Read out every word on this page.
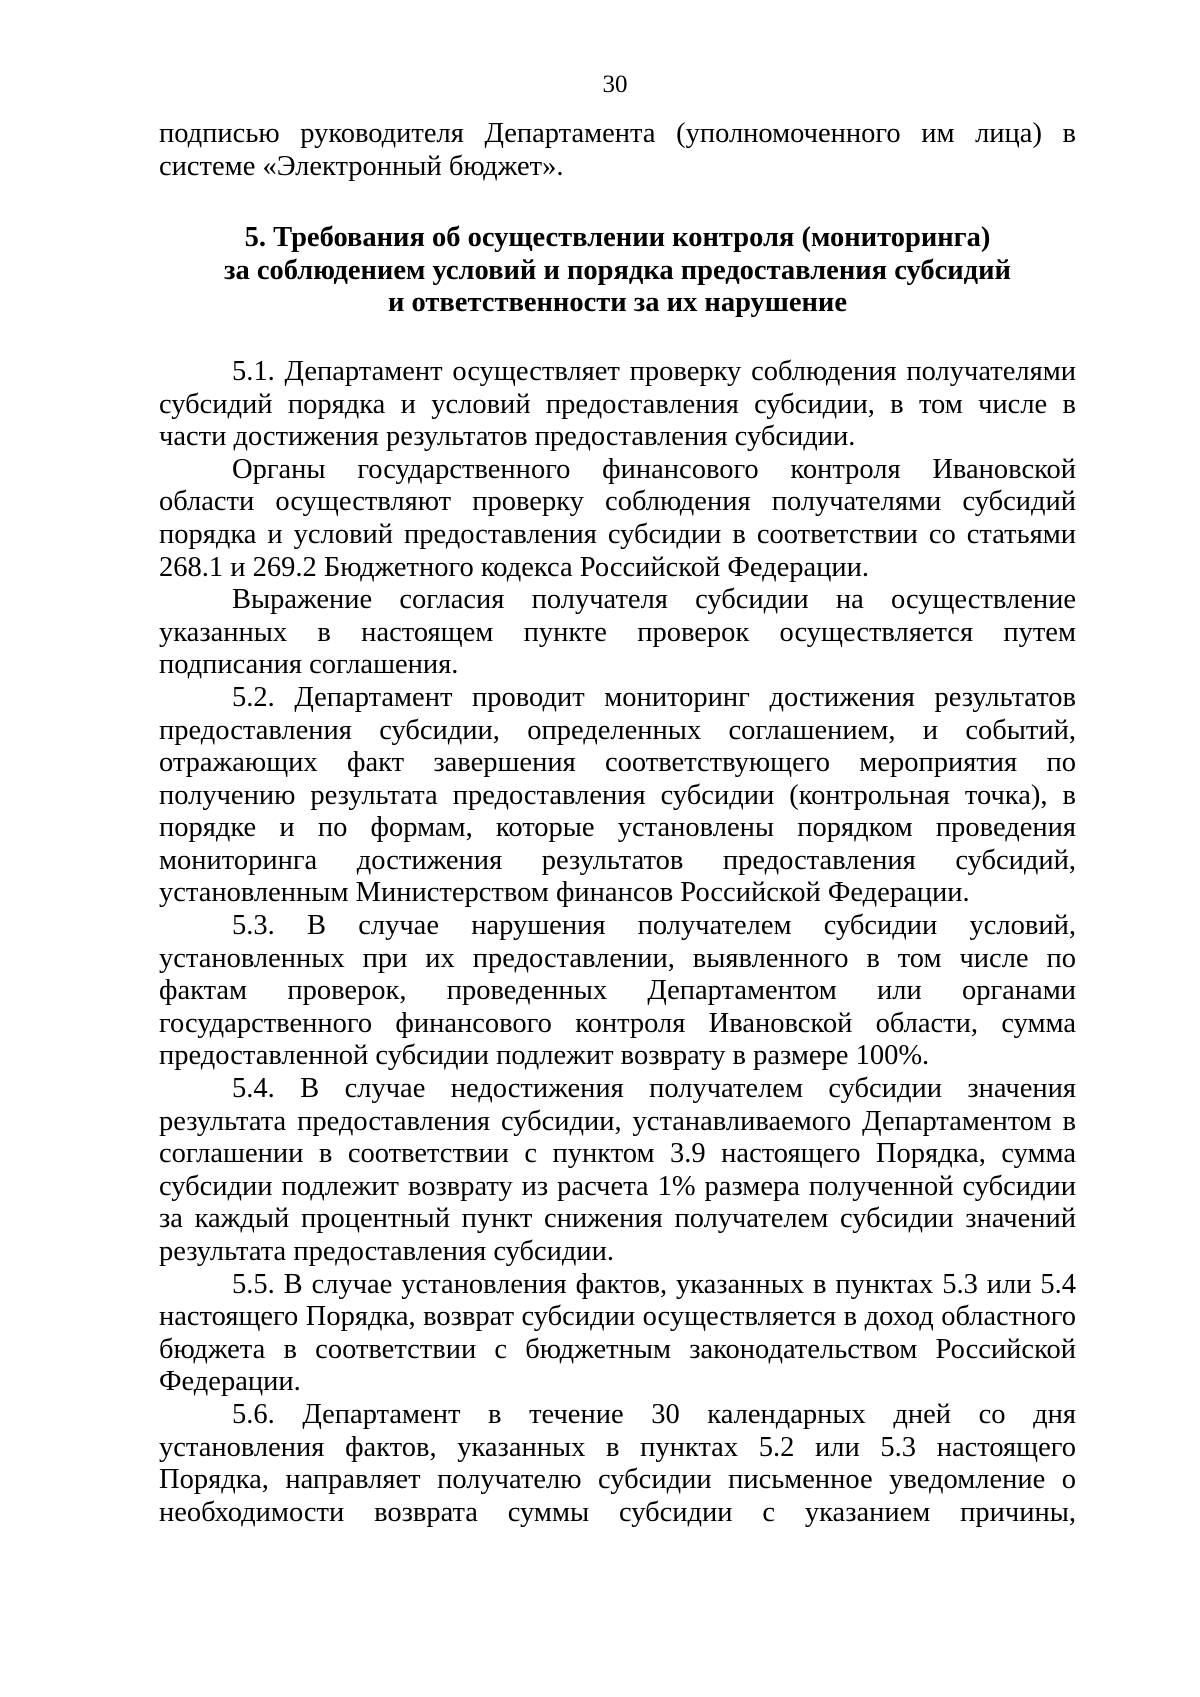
30

подписью руководителя Департамента (уполномоченного им лица) в системе «Электронный бюджет».

5. Требования об осуществлении контроля (мониторинга)
за соблюдением условий и порядка предоставления субсидий
и ответственности за их нарушение

5.1. Департамент осуществляет проверку соблюдения получателями субсидий порядка и условий предоставления субсидии, в том числе в части достижения результатов предоставления субсидии.

Органы государственного финансового контроля Ивановской области осуществляют проверку соблюдения получателями субсидий порядка и условий предоставления субсидии в соответствии со статьями 268.1 и 269.2 Бюджетного кодекса Российской Федерации.

Выражение согласия получателя субсидии на осуществление указанных в настоящем пункте проверок осуществляется путем подписания соглашения.

5.2. Департамент проводит мониторинг достижения результатов предоставления субсидии, определенных соглашением, и событий, отражающих факт завершения соответствующего мероприятия по получению результата предоставления субсидии (контрольная точка), в порядке и по формам, которые установлены порядком проведения мониторинга достижения результатов предоставления субсидий, установленным Министерством финансов Российской Федерации.

5.3. В случае нарушения получателем субсидии условий, установленных при их предоставлении, выявленного в том числе по фактам проверок, проведенных Департаментом или органами государственного финансового контроля Ивановской области, сумма предоставленной субсидии подлежит возврату в размере 100%.

5.4. В случае недостижения получателем субсидии значения результата предоставления субсидии, устанавливаемого Департаментом в соглашении в соответствии с пунктом 3.9 настоящего Порядка, сумма субсидии подлежит возврату из расчета 1% размера полученной субсидии за каждый процентный пункт снижения получателем субсидии значений результата предоставления субсидии.

5.5. В случае установления фактов, указанных в пунктах 5.3 или 5.4 настоящего Порядка, возврат субсидии осуществляется в доход областного бюджета в соответствии с бюджетным законодательством Российской Федерации.

5.6. Департамент в течение 30 календарных дней со дня установления фактов, указанных в пунктах 5.2 или 5.3 настоящего Порядка, направляет получателю субсидии письменное уведомление о необходимости возврата суммы субсидии с указанием причины,
